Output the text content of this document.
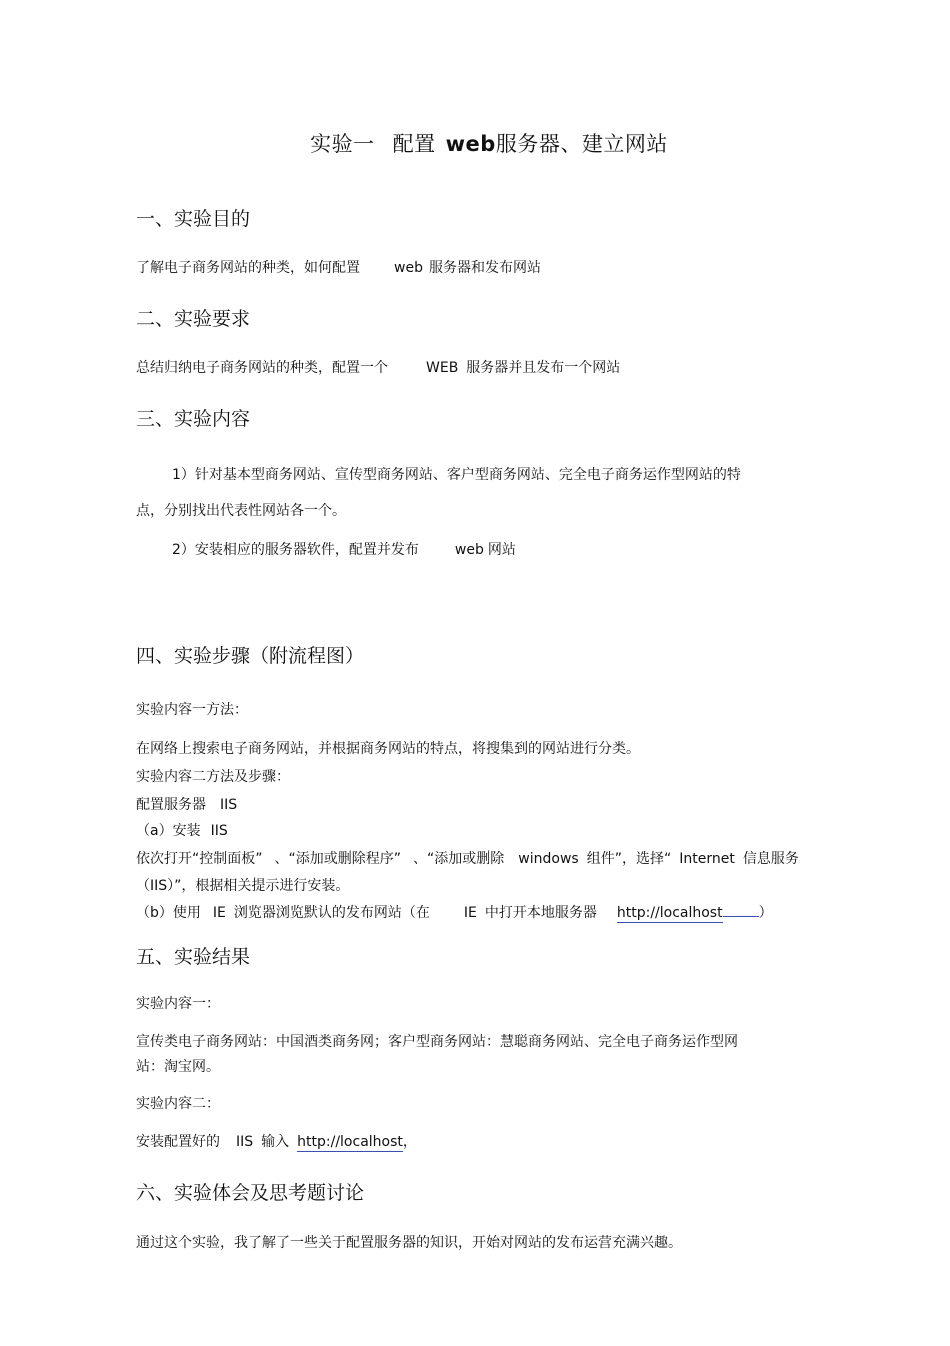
实验一 配置 web服务器、建立网站
一、实验目的
了解电子商务网站的种类，如何配置 web 服务器和发布网站
二、实验要求
总结归纳电子商务网站的种类，配置一个	WEB 服务器并且发布一个网站
三、实验内容
1）针对基本型商务网站、宣传型商务网站、客户型商务网站、完全电子商务运作型网站的特
点，分别找出代表性网站各一个。
2）安装相应的服务器软件，配置并发布	web 网站
四、实验步骤（附流程图）
实验内容一方法：
在网络上搜索电子商务网站，并根据商务网站的特点，将搜集到的网站进行分类。
实验内容二方法及步骤：
配置服务器 IIS
（a）安装 IIS
依次打开“控制面板” 、“添加或删除程序” 、“添加或删除 windows 组件”，选择“ Internet 信息服务
（IIS）”，根据相关提示进行安装。
（b）使用 IE 浏览器浏览默认的发布网站（在 IE 中打开本地服务器 http://localhost	）
五、实验结果
实验内容一：
宣传类电子商务网站：中国酒类商务网；客户型商务网站：慧聪商务网站、完全电子商务运作型网
站：淘宝网。
实验内容二：
安装配置好的 IIS 输入 http://localhost，
六、实验体会及思考题讨论
通过这个实验，我了解了一些关于配置服务器的知识，开始对网站的发布运营充满兴趣。
